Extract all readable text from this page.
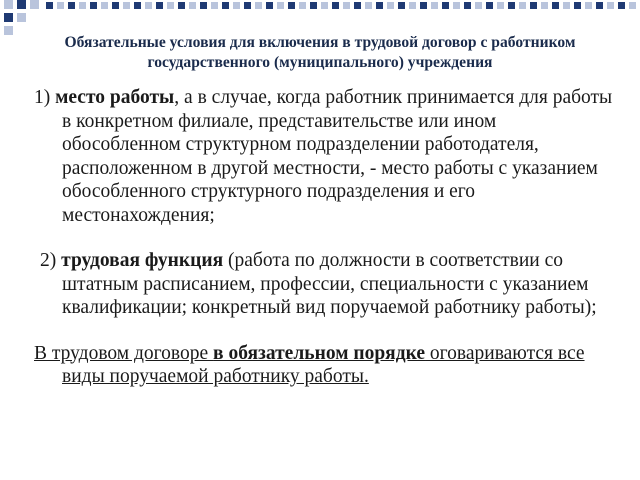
Обязательные условия для включения в трудовой договор с работником государственного (муниципального) учреждения

1) место работы, а в случае, когда работник принимается для работы в конкретном филиале, представительстве или ином обособленном структурном подразделении работодателя, расположенном в другой местности, - место работы с указанием обособленного структурного подразделения и его местонахождения;

2) трудовая функция (работа по должности в соответствии со штатным расписанием, профессии, специальности с указанием квалификации; конкретный вид поручаемой работнику работы);

В трудовом договоре в обязательном порядке оговариваются все виды поручаемой работнику работы.
